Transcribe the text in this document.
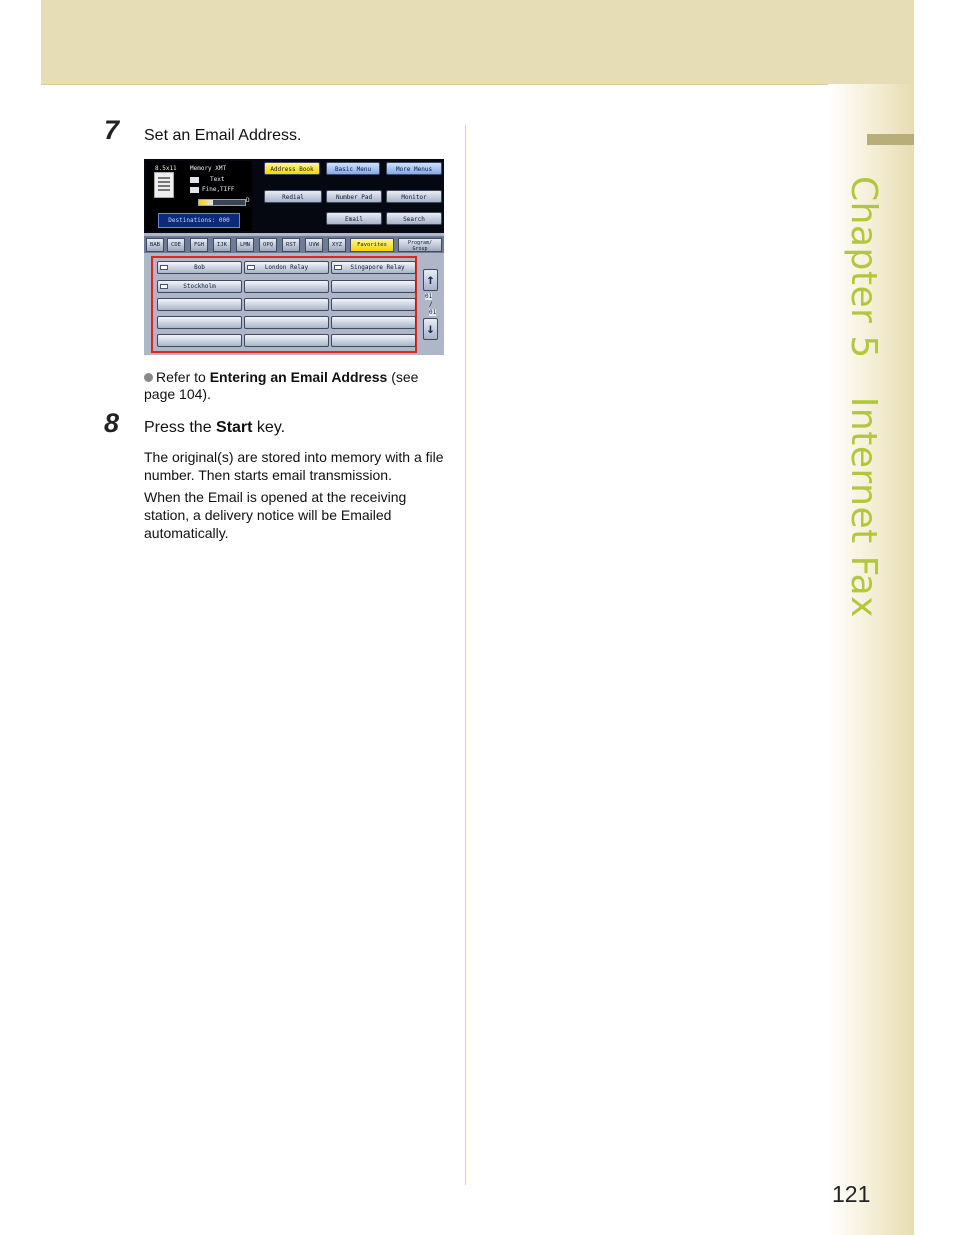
Chapter 5Internet Fax
7 Set an Email Address.
8.5x11 Memory XMT
Text
Fine,TIFF
D
Destinations: 000
Address Book	Basic Menu	More Menus
Redial	Number Pad	Monitor
Email	Search
BAB	CDE	FGH	IJK	LMN	OPQ	RST	UVW	XYZ	Favorites	Program/ Group
Bob	London Relay	Singapore Relay
Stockholm	↑
01
/
01
↓
Refer to Entering an Email Address (see page 104).
8 Press the Start key.
The original(s) are stored into memory with a file number. Then starts email transmission.
When the Email is opened at the receiving station, a delivery notice will be Emailed automatically.
121
